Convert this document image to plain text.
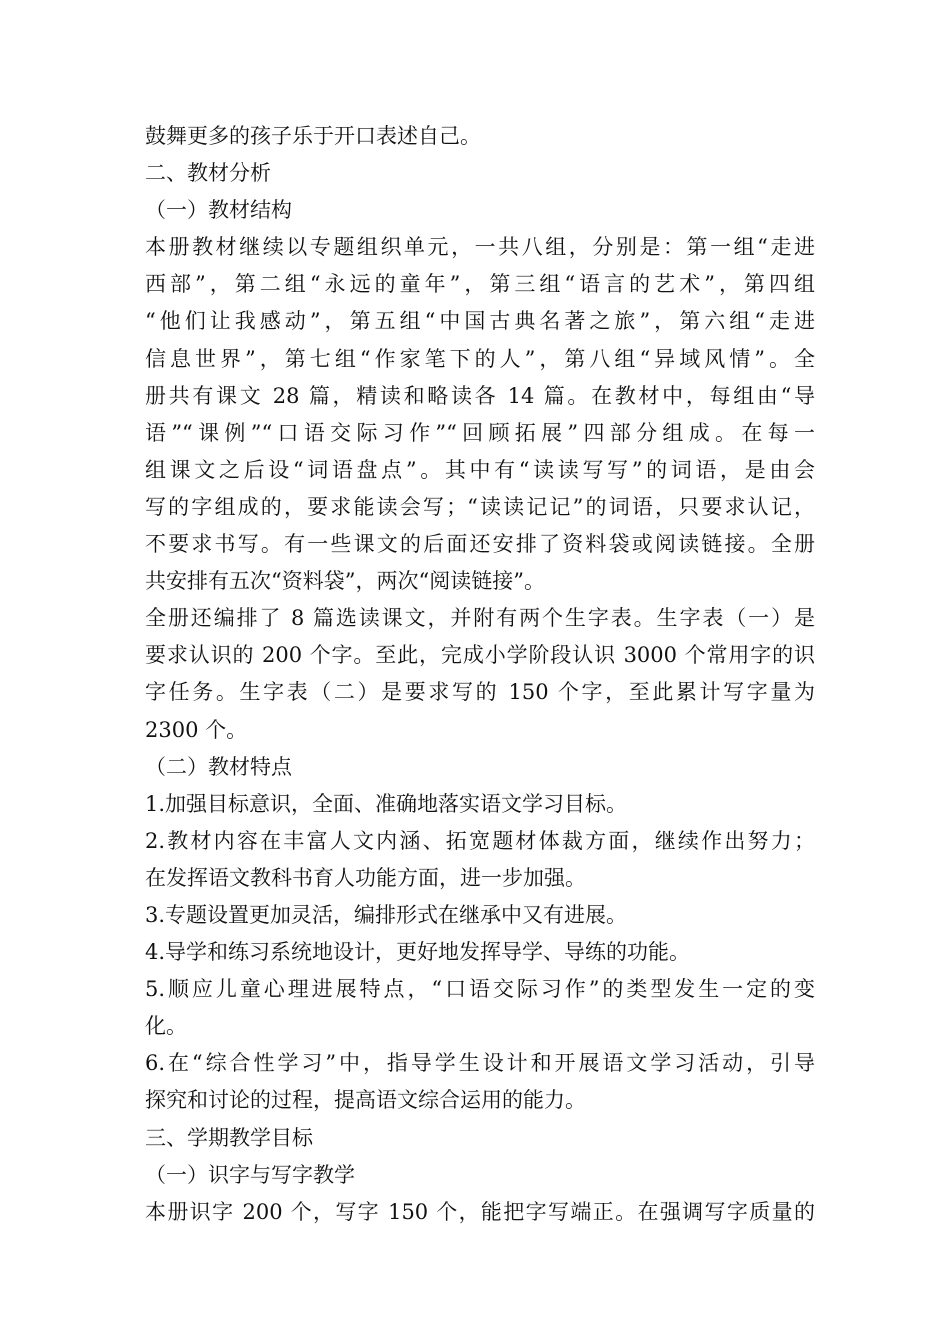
鼓舞更多的孩子乐于开口表述自己。
二、教材分析
（一）教材结构
本册教材继续以专题组织单元，一共八组，分别是：第一组“走进
西部”，第二组“永远的童年”，第三组“语言的艺术”，第四组
“他们让我感动”，第五组“中国古典名著之旅”，第六组“走进
信息世界”，第七组“作家笔下的人”，第八组“异域风情”。全
册共有课文 28 篇，精读和略读各 14 篇。在教材中，每组由“导
语”“课例”“口语交际习作”“回顾拓展”四部分组成。在每一
组课文之后设“词语盘点”。其中有“读读写写”的词语，是由会
写的字组成的，要求能读会写；“读读记记”的词语，只要求认记，
不要求书写。有一些课文的后面还安排了资料袋或阅读链接。全册
共安排有五次“资料袋”，两次“阅读链接”。
全册还编排了 8 篇选读课文，并附有两个生字表。生字表（一）是
要求认识的 200 个字。至此，完成小学阶段认识 3000 个常用字的识
字任务。生字表（二）是要求写的 150 个字，至此累计写字量为
2300 个。
（二）教材特点
1.加强目标意识，全面、准确地落实语文学习目标。
2.教材内容在丰富人文内涵、拓宽题材体裁方面，继续作出努力；
在发挥语文教科书育人功能方面，进一步加强。
3.专题设置更加灵活，编排形式在继承中又有进展。
4.导学和练习系统地设计，更好地发挥导学、导练的功能。
5.顺应儿童心理进展特点，“口语交际习作”的类型发生一定的变
化。
6.在“综合性学习”中，指导学生设计和开展语文学习活动，引导
探究和讨论的过程，提高语文综合运用的能力。
三、学期教学目标
（一）识字与写字教学
本册识字 200 个，写字 150 个，能把字写端正。在强调写字质量的
